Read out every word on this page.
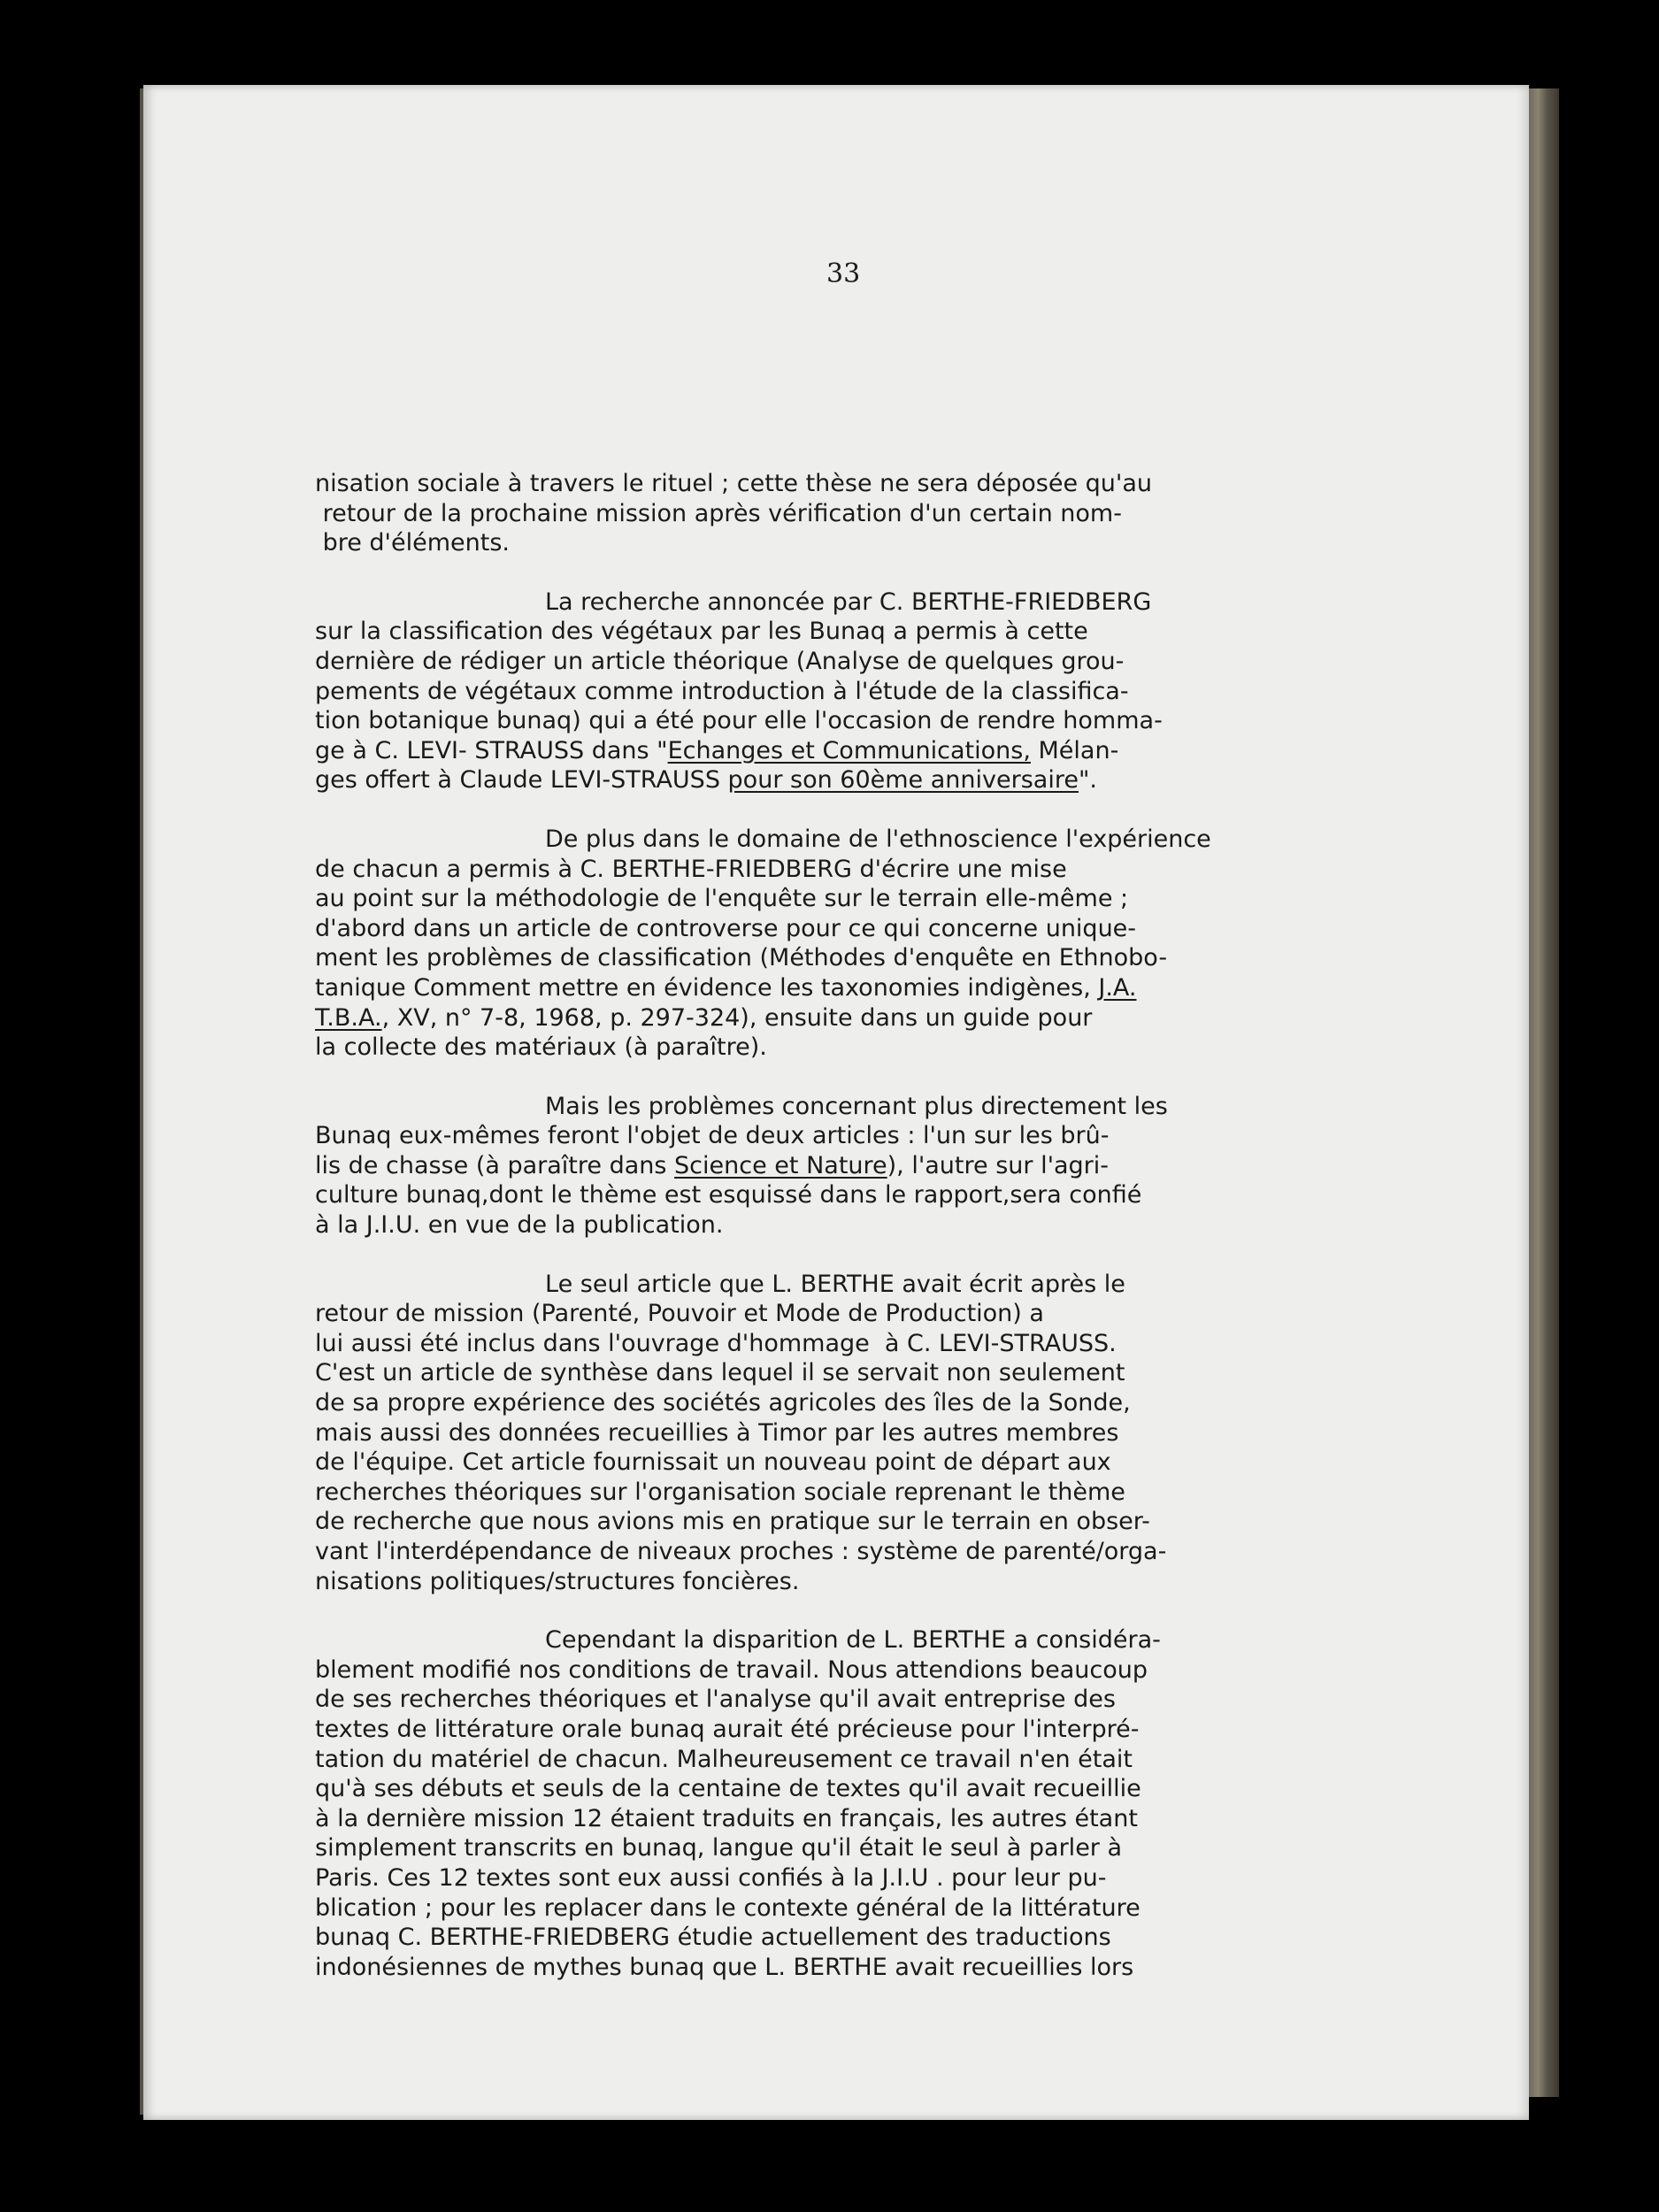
33
nisation sociale à travers le rituel ; cette thèse ne sera déposée qu'au
retour de la prochaine mission après vérification d'un certain nom-
bre d'éléments.
La recherche annoncée par C. BERTHE-FRIEDBERG
sur la classification des végétaux par les Bunaq a permis à cette
dernière de rédiger un article théorique (Analyse de quelques grou-
pements de végétaux comme introduction à l'étude de la classifica-
tion botanique bunaq) qui a été pour elle l'occasion de rendre homma-
ge à C. LEVI- STRAUSS dans "Echanges et Communications, Mélan-
ges offert à Claude LEVI-STRAUSS pour son 60ème anniversaire".
De plus dans le domaine de l'ethnoscience l'expérience
de chacun a permis à C. BERTHE-FRIEDBERG d'écrire une mise
au point sur la méthodologie de l'enquête sur le terrain elle-même ;
d'abord dans un article de controverse pour ce qui concerne unique-
ment les problèmes de classification (Méthodes d'enquête en Ethnobo-
tanique Comment mettre en évidence les taxonomies indigènes, J.A.
T.B.A., XV, n° 7-8, 1968, p. 297-324), ensuite dans un guide pour
la collecte des matériaux (à paraître).
Mais les problèmes concernant plus directement les
Bunaq eux-mêmes feront l'objet de deux articles : l'un sur les brû-
lis de chasse (à paraître dans Science et Nature), l'autre sur l'agri-
culture bunaq,dont le thème est esquissé dans le rapport,sera confié
à la J.I.U. en vue de la publication.
Le seul article que L. BERTHE avait écrit après le
retour de mission (Parenté, Pouvoir et Mode de Production) a
lui aussi été inclus dans l'ouvrage d'hommage  à C. LEVI-STRAUSS.
C'est un article de synthèse dans lequel il se servait non seulement
de sa propre expérience des sociétés agricoles des îles de la Sonde,
mais aussi des données recueillies à Timor par les autres membres
de l'équipe. Cet article fournissait un nouveau point de départ aux
recherches théoriques sur l'organisation sociale reprenant le thème
de recherche que nous avions mis en pratique sur le terrain en obser-
vant l'interdépendance de niveaux proches : système de parenté/orga-
nisations politiques/structures foncières.
Cependant la disparition de L. BERTHE a considéra-
blement modifié nos conditions de travail. Nous attendions beaucoup
de ses recherches théoriques et l'analyse qu'il avait entreprise des
textes de littérature orale bunaq aurait été précieuse pour l'interpré-
tation du matériel de chacun. Malheureusement ce travail n'en était
qu'à ses débuts et seuls de la centaine de textes qu'il avait recueillie
à la dernière mission 12 étaient traduits en français, les autres étant
simplement transcrits en bunaq, langue qu'il était le seul à parler à
Paris. Ces 12 textes sont eux aussi confiés à la J.I.U . pour leur pu-
blication ; pour les replacer dans le contexte général de la littérature
bunaq C. BERTHE-FRIEDBERG étudie actuellement des traductions
indonésiennes de mythes bunaq que L. BERTHE avait recueillies lors
